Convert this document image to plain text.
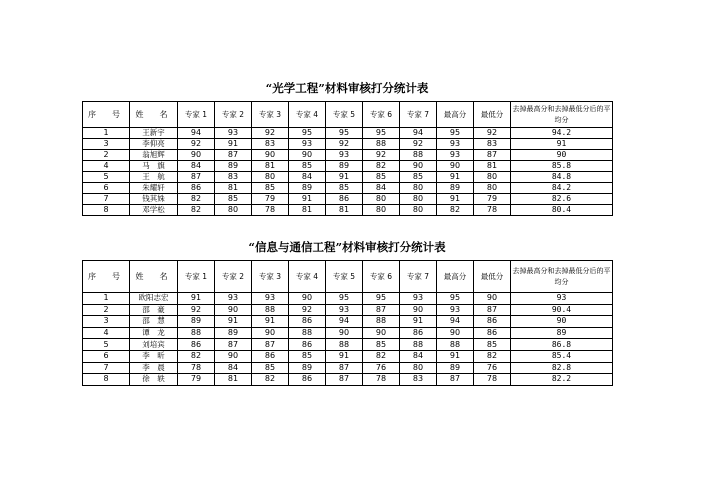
“光学工程”材料审核打分统计表
序　号	姓　名	专家 1	专家 2	专家 3	专家 4	专家 5	专家 6	专家 7	最高分	最低分	去掉最高分和去掉最低分后的平均分
1	王新宇	94	93	92	95	95	95	94	95	92	94.2
3	李仰亮	92	91	83	93	92	88	92	93	83	91
2	翁旭辉	90	87	90	90	93	92	88	93	87	90
4	马　旗	84	89	81	85	89	82	90	90	81	85.8
5	王　航	87	83	80	84	91	85	85	91	80	84.8
6	朱耀轩	86	81	85	89	85	84	80	89	80	84.2
7	钱其姝	82	85	79	91	86	80	80	91	79	82.6
8	邓学松	82	80	78	81	81	80	80	82	78	80.4
“信息与通信工程”材料审核打分统计表
序　号	姓　名	专家 1	专家 2	专家 3	专家 4	专家 5	专家 6	专家 7	最高分	最低分	去掉最高分和去掉最低分后的平均分
1	欧阳志宏	91	93	93	90	95	95	93	95	90	93
2	邵　豪	92	90	88	92	93	87	90	93	87	90.4
3	邵　慧	89	91	91	86	94	88	91	94	86	90
4	谭　龙	88	89	90	88	90	90	86	90	86	89
5	刘培宾	86	87	87	86	88	85	88	88	85	86.8
6	李　昕	82	90	86	85	91	82	84	91	82	85.4
7	李　晨	78	84	85	89	87	76	80	89	76	82.8
8	徐　轶	79	81	82	86	87	78	83	87	78	82.2
